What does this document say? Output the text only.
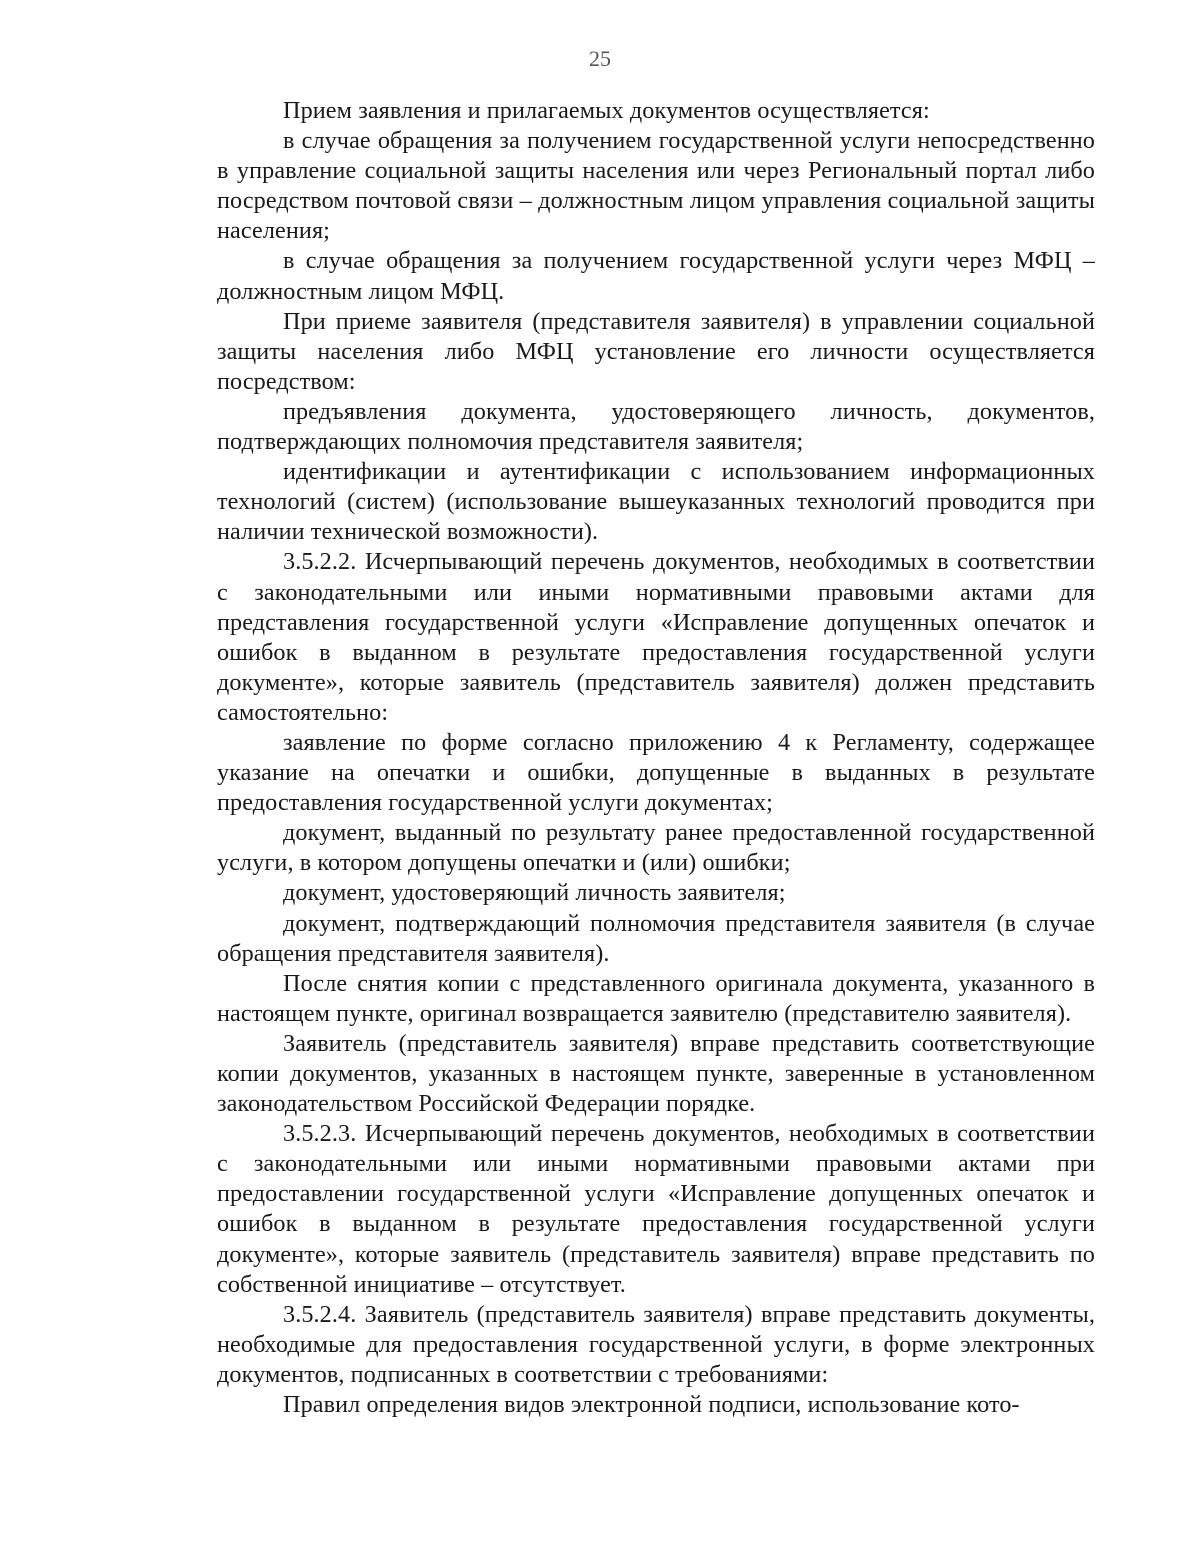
25

Прием заявления и прилагаемых документов осуществляется:

в случае обращения за получением государственной услуги непосредственно в управление социальной защиты населения или через Региональный портал либо посредством почтовой связи – должностным лицом управления социальной защиты населения;

в случае обращения за получением государственной услуги через МФЦ – должностным лицом МФЦ.

При приеме заявителя (представителя заявителя) в управлении социальной защиты населения либо МФЦ установление его личности осуществляется посредством:

предъявления документа, удостоверяющего личность, документов, подтверждающих полномочия представителя заявителя;

идентификации и аутентификации с использованием информационных технологий (систем) (использование вышеуказанных технологий проводится при наличии технической возможности).

3.5.2.2. Исчерпывающий перечень документов, необходимых в соответствии с законодательными или иными нормативными правовыми актами для представления государственной услуги «Исправление допущенных опечаток и ошибок в выданном в результате предоставления государственной услуги документе», которые заявитель (представитель заявителя) должен представить самостоятельно:

заявление по форме согласно приложению 4 к Регламенту, содержащее указание на опечатки и ошибки, допущенные в выданных в результате предоставления государственной услуги документах;

документ, выданный по результату ранее предоставленной государственной услуги, в котором допущены опечатки и (или) ошибки;

документ, удостоверяющий личность заявителя;

документ, подтверждающий полномочия представителя заявителя (в случае обращения представителя заявителя).

После снятия копии с представленного оригинала документа, указанного в настоящем пункте, оригинал возвращается заявителю (представителю заявителя).

Заявитель (представитель заявителя) вправе представить соответствующие копии документов, указанных в настоящем пункте, заверенные в установленном законодательством Российской Федерации порядке.

3.5.2.3. Исчерпывающий перечень документов, необходимых в соответствии с законодательными или иными нормативными правовыми актами при предоставлении государственной услуги «Исправление допущенных опечаток и ошибок в выданном в результате предоставления государственной услуги документе», которые заявитель (представитель заявителя) вправе представить по собственной инициативе – отсутствует.

3.5.2.4. Заявитель (представитель заявителя) вправе представить документы, необходимые для предоставления государственной услуги, в форме электронных документов, подписанных в соответствии с требованиями:

Правил определения видов электронной подписи, использование кото-
